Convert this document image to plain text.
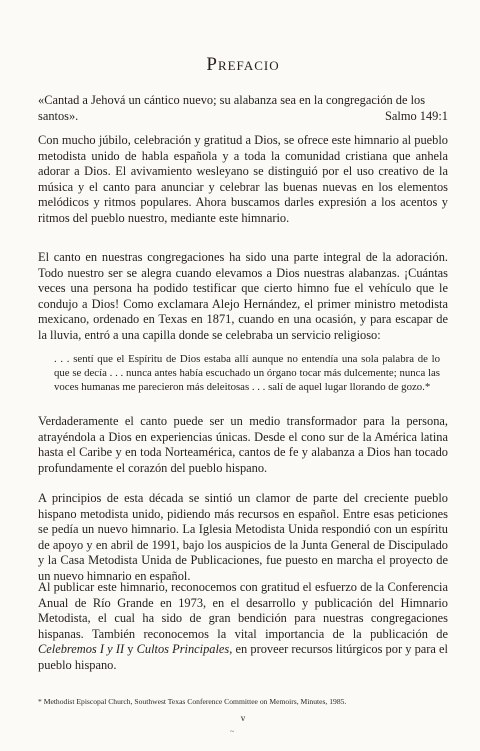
Prefacio
«Cantad a Jehová un cántico nuevo; su alabanza sea en la congregación de los santos».	Salmo 149:1

Con mucho júbilo, celebración y gratitud a Dios, se ofrece este himnario al pueblo metodista unido de habla española y a toda la comunidad cristiana que anhela adorar a Dios. El avivamiento wesleyano se distinguió por el uso creativo de la música y el canto para anunciar y celebrar las buenas nuevas en los elementos melódicos y ritmos populares. Ahora buscamos darles expresión a los acentos y ritmos del pueblo nuestro, mediante este himnario.

El canto en nuestras congregaciones ha sido una parte integral de la adoración. Todo nuestro ser se alegra cuando elevamos a Dios nuestras alabanzas. ¡Cuántas veces una persona ha podido testificar que cierto himno fue el vehículo que le condujo a Dios! Como exclamara Alejo Hernández, el primer ministro metodista mexicano, ordenado en Texas en 1871, cuando en una ocasión, y para escapar de la lluvia, entró a una capilla donde se celebraba un servicio religioso:

. . . sentí que el Espíritu de Dios estaba allí aunque no entendía una sola palabra de lo que se decía . . . nunca antes había escuchado un órgano tocar más dulcemente; nunca las voces humanas me parecieron más deleitosas . . . salí de aquel lugar llorando de gozo.*

Verdaderamente el canto puede ser un medio transformador para la persona, atrayéndola a Dios en experiencias únicas. Desde el cono sur de la América latina hasta el Caribe y en toda Norteamérica, cantos de fe y alabanza a Dios han tocado profundamente el corazón del pueblo hispano.

A principios de esta década se sintió un clamor de parte del creciente pueblo hispano metodista unido, pidiendo más recursos en español. Entre esas peticiones se pedía un nuevo himnario. La Iglesia Metodista Unida respondió con un espíritu de apoyo y en abril de 1991, bajo los auspicios de la Junta General de Discipulado y la Casa Metodista Unida de Publicaciones, fue puesto en marcha el proyecto de un nuevo himnario en español.

Al publicar este himnario, reconocemos con gratitud el esfuerzo de la Conferencia Anual de Río Grande en 1973, en el desarrollo y publicación del Himnario Metodista, el cual ha sido de gran bendición para nuestras congregaciones hispanas. También reconocemos la vital importancia de la publicación de Celebremos I y II y Cultos Principales, en proveer recursos litúrgicos por y para el pueblo hispano.

* Methodist Episcopal Church, Southwest Texas Conference Committee on Memoirs, Minutes, 1985.
v
~
